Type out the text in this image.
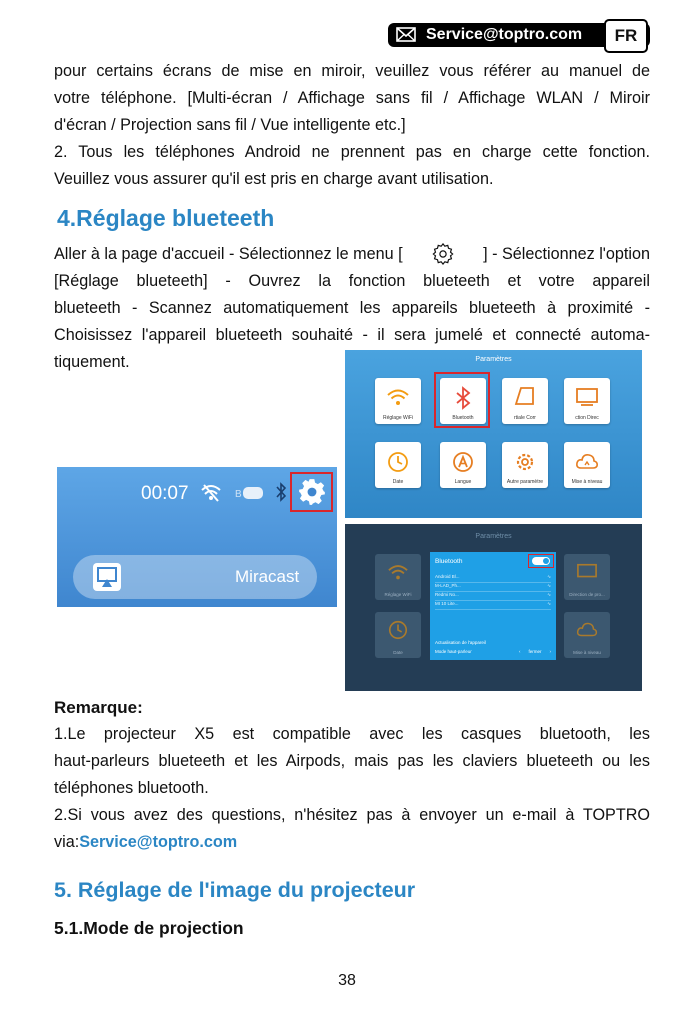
Service@toptro.com	FR
pour certains écrans de mise en miroir, veuillez vous référer au manuel de
votre téléphone. [Multi-écran / Affichage sans fil / Affichage WLAN / Miroir
d'écran / Projection sans fil / Vue intelligente etc.]
2. Tous les téléphones Android ne prennent pas en charge cette fonction.
Veuillez vous assurer qu'il est pris en charge avant utilisation.
4.Réglage blueteeth
Aller à la page d'accueil - Sélectionnez le menu [	] - Sélectionnez l'option
[Réglage blueteeth] - Ouvrez la fonction blueteeth et votre appareil
blueteeth - Scannez automatiquement les appareils blueteeth à proximité -
Choisissez l'appareil blueteeth souhaité - il sera jumelé et connecté automa-
tiquement.
00:07	B
Miracast
Paramètres
Réglage WiFi	Bluetooth	rtiale Corr	ction Direc
Date	Langue	Autre paramètre	Mise à niveau
Paramètres
Réglage WiFi	Direction de pro...
Date	Mise à niveau
Bluetooth
Android Bl...	∿
M-LAD_Ph...	∿
Redmi No...	∿
MI 10 Lite...	∿
Actualisation de l'appareil
Mode haut-parleur	‹ fermer ›
Remarque:
1.Le projecteur X5 est compatible avec les casques bluetooth, les
haut-parleurs blueteeth et les Airpods, mais pas les claviers blueteeth ou les
téléphones bluetooth.
2.Si vous avez des questions, n'hésitez pas à envoyer un e-mail à TOPTRO
via:Service@toptro.com
5. Réglage de l'image du projecteur
5.1.Mode de projection
38
